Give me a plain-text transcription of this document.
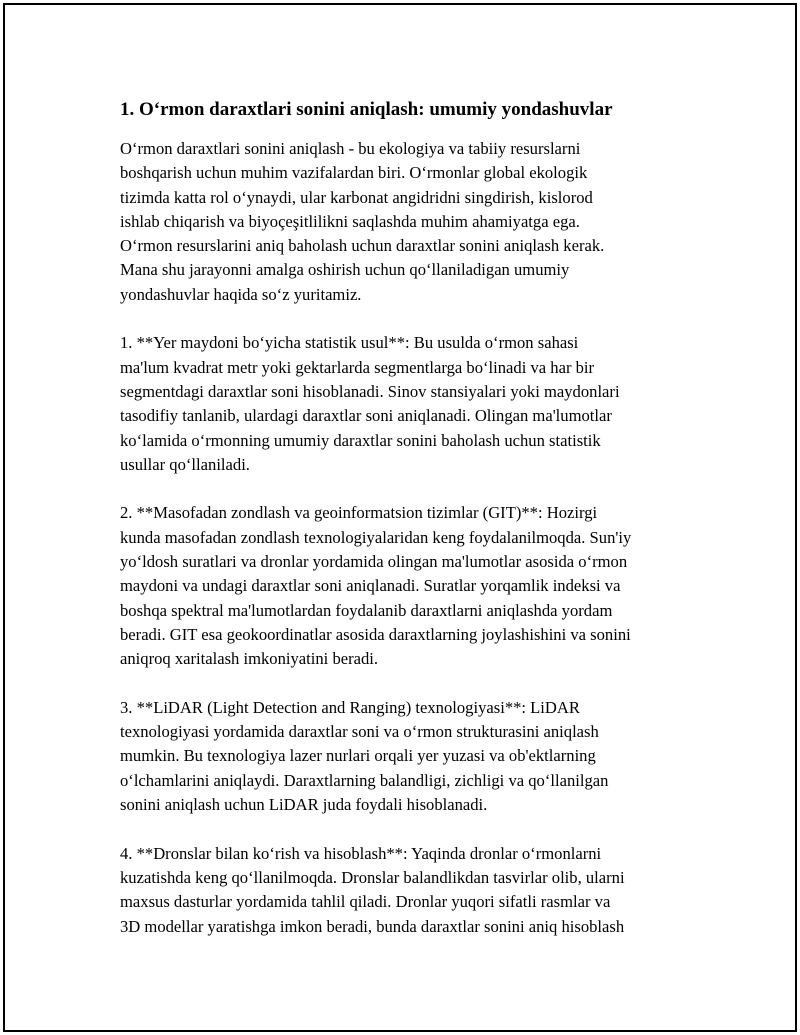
1. O‘rmon daraxtlari sonini aniqlash: umumiy yondashuvlar
O‘rmon daraxtlari sonini aniqlash - bu ekologiya va tabiiy resurslarni
boshqarish uchun muhim vazifalardan biri. O‘rmonlar global ekologik
tizimda katta rol o‘ynaydi, ular karbonat angidridni singdirish, kislorod
ishlab chiqarish va biyoçeşitlilikni saqlashda muhim ahamiyatga ega.
O‘rmon resurslarini aniq baholash uchun daraxtlar sonini aniqlash kerak.
Mana shu jarayonni amalga oshirish uchun qo‘llaniladigan umumiy
yondashuvlar haqida so‘z yuritamiz.
1. **Yer maydoni bo‘yicha statistik usul**: Bu usulda o‘rmon sahasi
ma'lum kvadrat metr yoki gektarlarda segmentlarga bo‘linadi va har bir
segmentdagi daraxtlar soni hisoblanadi. Sinov stansiyalari yoki maydonlari
tasodifiy tanlanib, ulardagi daraxtlar soni aniqlanadi. Olingan ma'lumotlar
ko‘lamida o‘rmonning umumiy daraxtlar sonini baholash uchun statistik
usullar qo‘llaniladi.
2. **Masofadan zondlash va geoinformatsion tizimlar (GIT)**: Hozirgi
kunda masofadan zondlash texnologiyalaridan keng foydalanilmoqda. Sun'iy
yo‘ldosh suratlari va dronlar yordamida olingan ma'lumotlar asosida o‘rmon
maydoni va undagi daraxtlar soni aniqlanadi. Suratlar yorqamlik indeksi va
boshqa spektral ma'lumotlardan foydalanib daraxtlarni aniqlashda yordam
beradi. GIT esa geokoordinatlar asosida daraxtlarning joylashishini va sonini
aniqroq xaritalash imkoniyatini beradi.
3. **LiDAR (Light Detection and Ranging) texnologiyasi**: LiDAR
texnologiyasi yordamida daraxtlar soni va o‘rmon strukturasini aniqlash
mumkin. Bu texnologiya lazer nurlari orqali yer yuzasi va ob'ektlarning
o‘lchamlarini aniqlaydi. Daraxtlarning balandligi, zichligi va qo‘llanilgan
sonini aniqlash uchun LiDAR juda foydali hisoblanadi.
4. **Dronslar bilan ko‘rish va hisoblash**: Yaqinda dronlar o‘rmonlarni
kuzatishda keng qo‘llanilmoqda. Dronslar balandlikdan tasvirlar olib, ularni
maxsus dasturlar yordamida tahlil qiladi. Dronlar yuqori sifatli rasmlar va
3D modellar yaratishga imkon beradi, bunda daraxtlar sonini aniq hisoblash
